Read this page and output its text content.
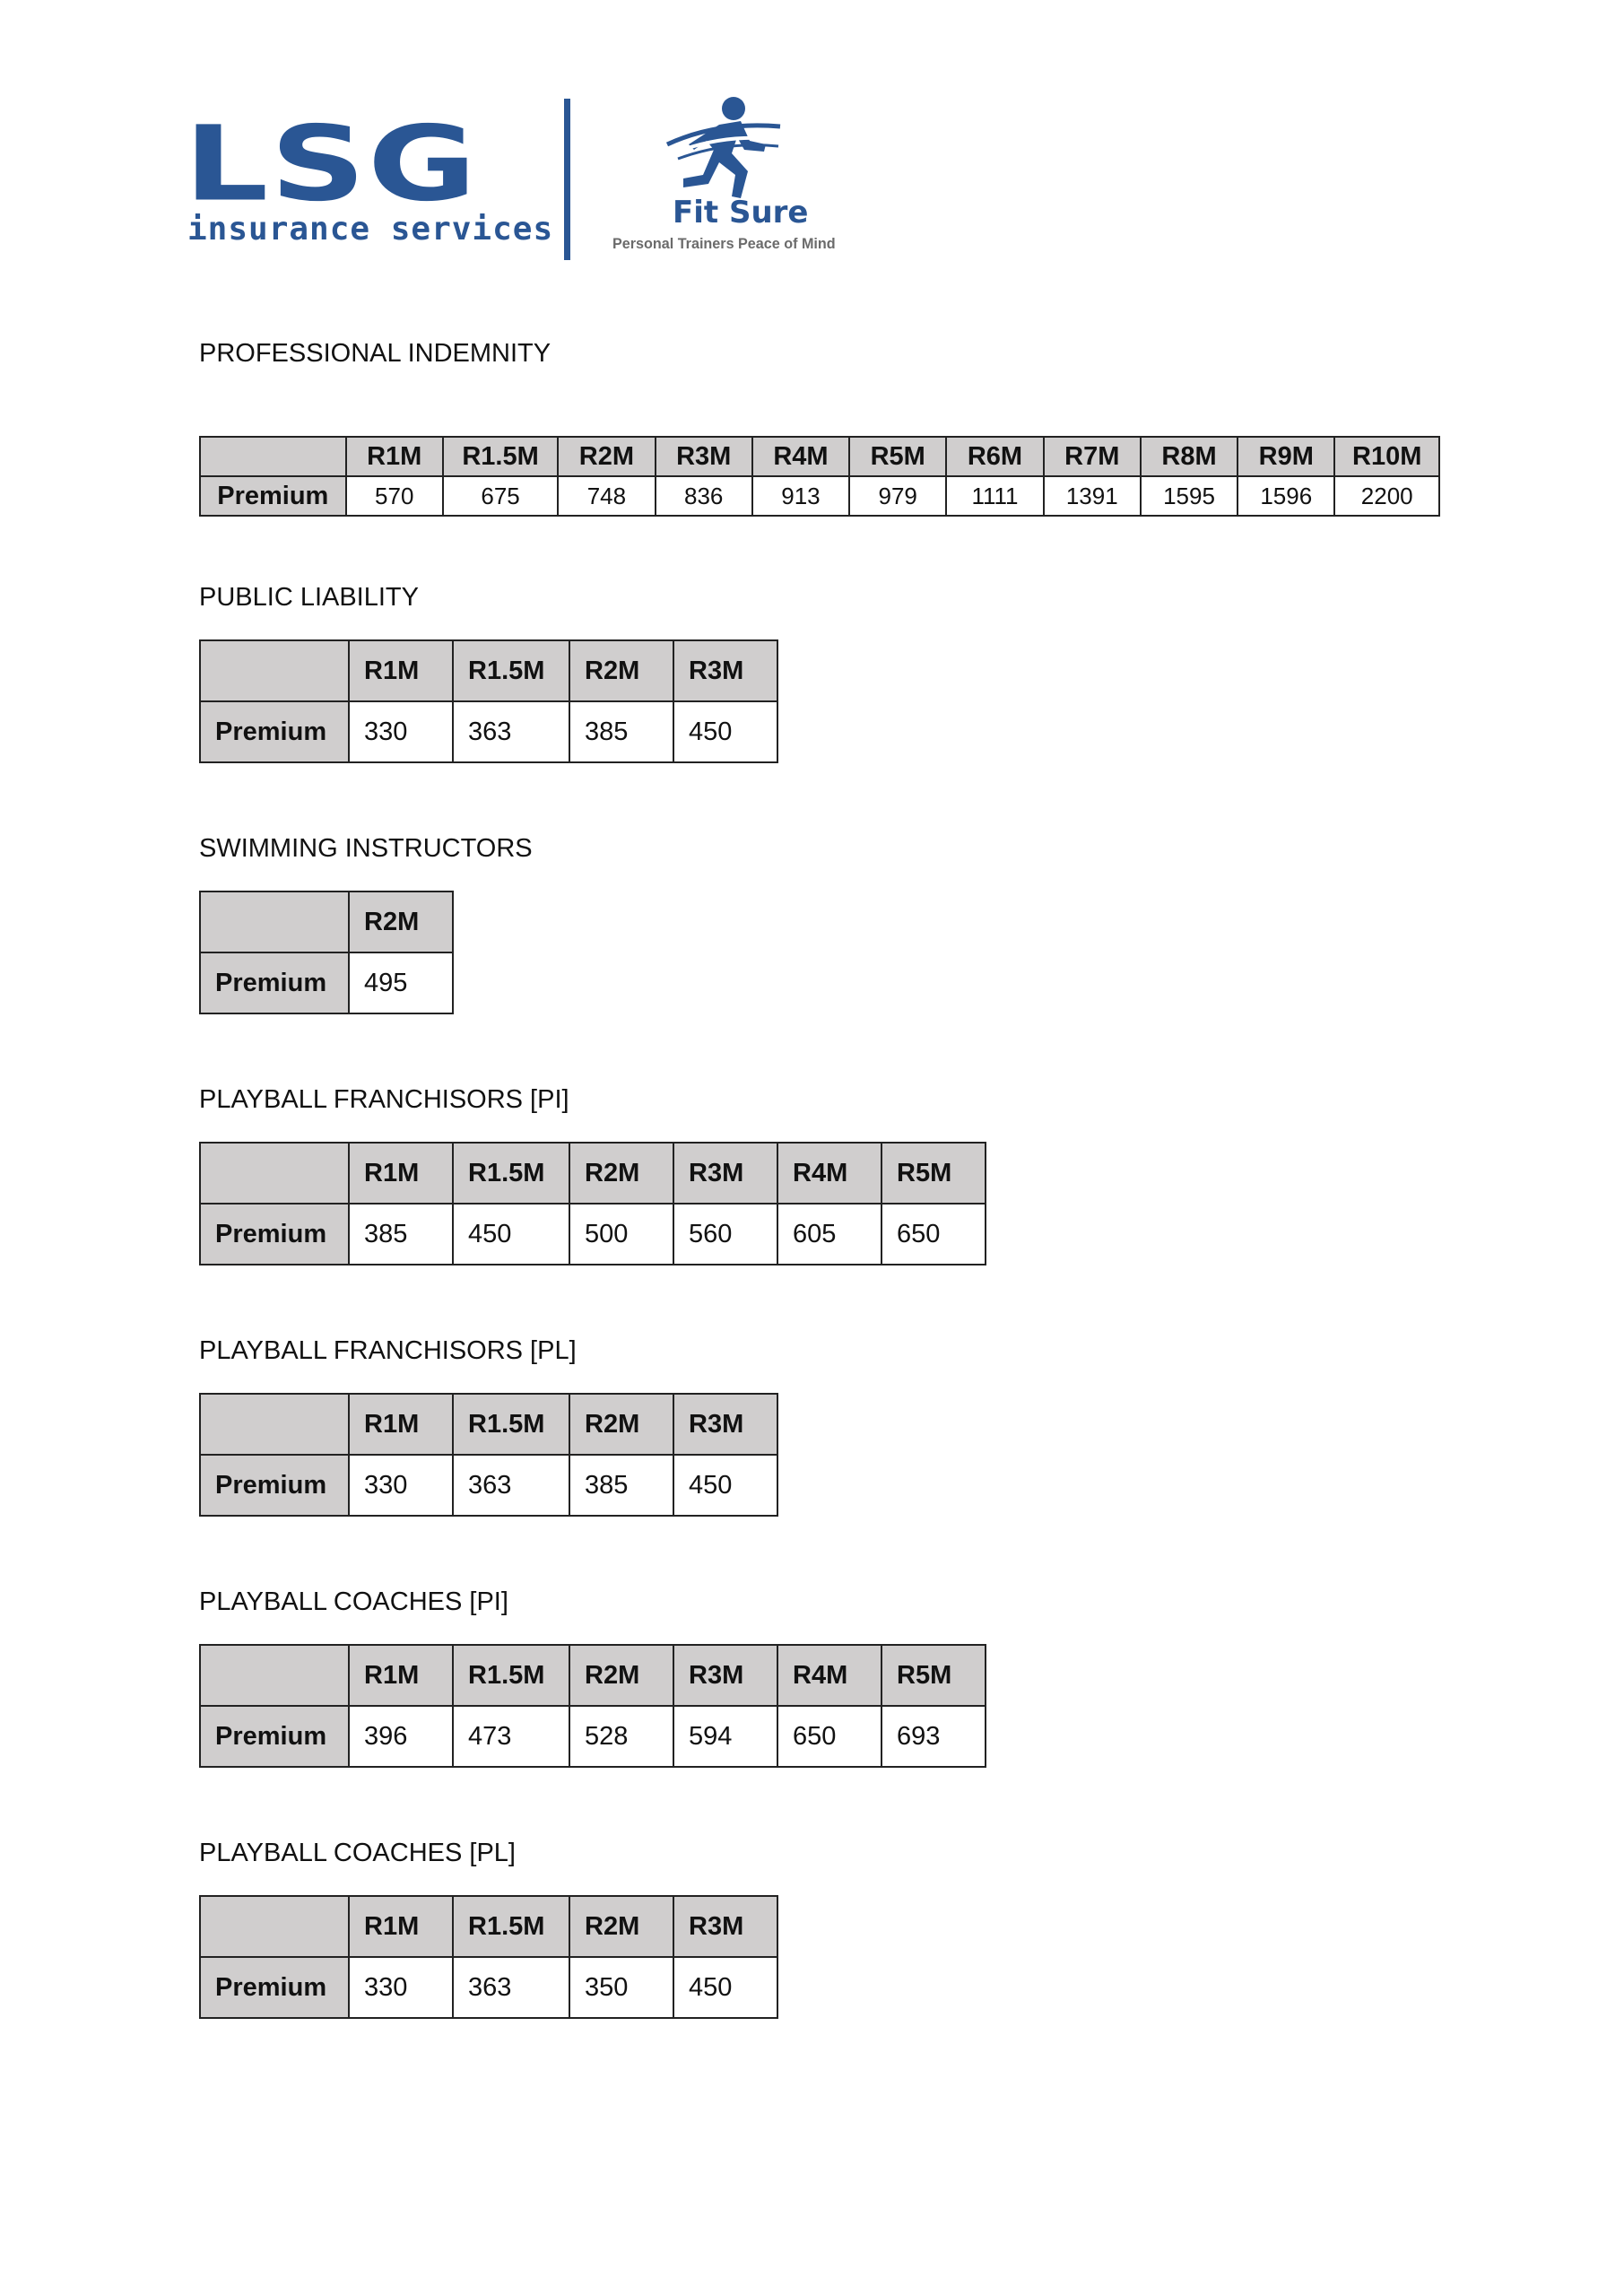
LSG
insurance services	Fit Sure
Personal Trainers Peace of Mind
PROFESSIONAL INDEMNITY
	R1M	R1.5M	R2M	R3M	R4M	R5M	R6M	R7M	R8M	R9M	R10M
Premium	570	675	748	836	913	979	1111	1391	1595	1596	2200
PUBLIC LIABILITY
	R1M	R1.5M	R2M	R3M
Premium	330	363	385	450
SWIMMING INSTRUCTORS
	R2M
Premium	495
PLAYBALL FRANCHISORS [PI]
	R1M	R1.5M	R2M	R3M	R4M	R5M
Premium	385	450	500	560	605	650
PLAYBALL FRANCHISORS [PL]
	R1M	R1.5M	R2M	R3M
Premium	330	363	385	450
PLAYBALL COACHES [PI]
	R1M	R1.5M	R2M	R3M	R4M	R5M
Premium	396	473	528	594	650	693
PLAYBALL COACHES [PL]
	R1M	R1.5M	R2M	R3M
Premium	330	363	350	450
